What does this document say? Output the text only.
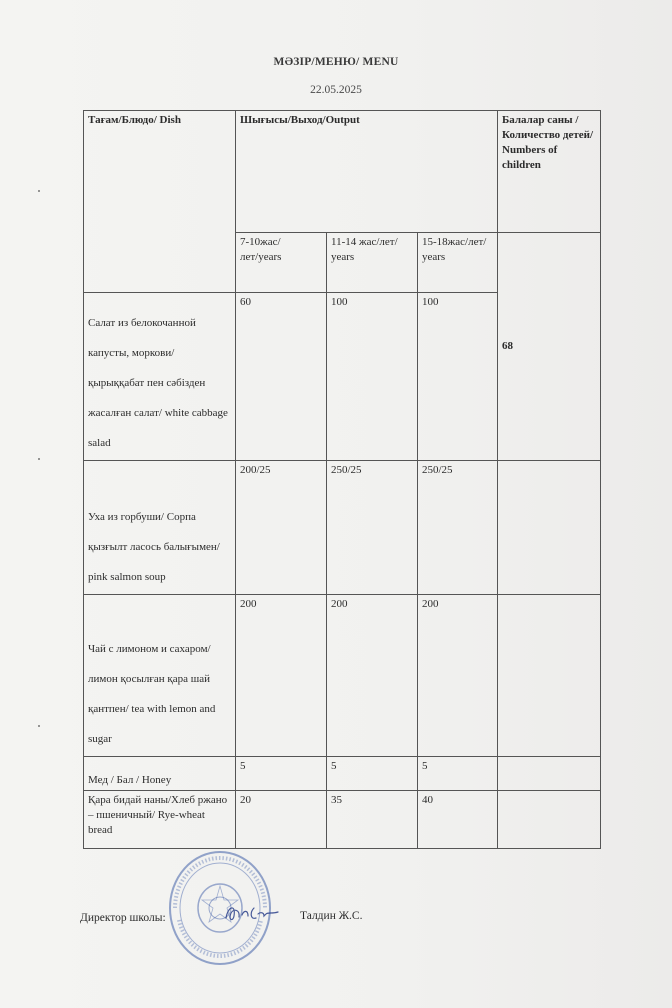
МӘЗІР/МЕНЮ/ MENU
22.05.2025
Тағам/Блюдо/ Dish	Шығысы/Выход/Output			Балалар саны /Количество детей/ Numbers of children
	7-10жас/лет/years	11-14 жас/лет/ years	15-18жас/лет/ years	68
Салат из белокочанной капусты, моркови/ қырыққабат пен сәбізден жасалған салат/ white cabbage salad	60	100	100	
Уха из горбуши/ Сорпа қызғылт ласось балығымен/ pink salmon soup	200/25	250/25	250/25	
Чай с лимоном и сахаром/ лимон қосылған қара шай қантпен/ tea with lemon and sugar	200	200	200	
Мед / Бал / Honey	5	5	5	
Қара бидай наны/Хлеб ржано – пшеничный/ Rye-wheat bread	20	35	40	
Директор школы:	Талдин Ж.С.
